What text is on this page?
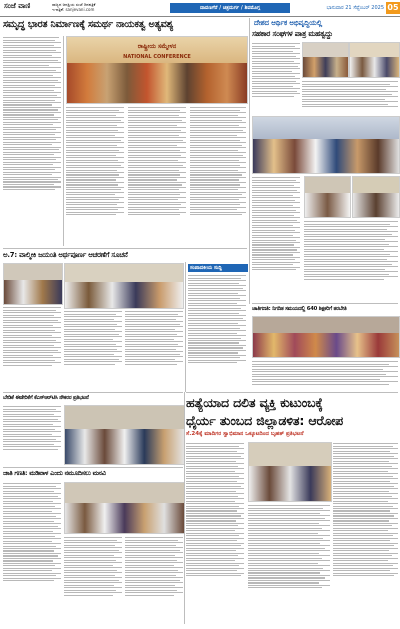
ಸಂಜೆ ವಾಣಿ	ರಾಜ್ಯದ ಜನಪ್ರಿಯ ಸಂಜೆ ದಿನಪತ್ರಿಕೆ
ಇ-ಪತ್ರಿಕೆ: sanjevani.com	ದಾವಣಗೆರೆ / ಚಿತ್ರದುರ್ಗ / ಶಿವಮೊಗ್ಗ	ಭಾನುವಾರ 21 ಸೆಪ್ಟೆಂಬರ್ 2025 05
ಸಮೃದ್ಧ ಭಾರತ ನಿರ್ಮಾಣಕ್ಕೆ ಸಮರ್ಥ ನಾಯಕತ್ವ ಅತ್ಯವಶ್ಯ	ದೇಶದ ಆರ್ಥಿಕ ಅಭಿವೃದ್ಧಿಯಲ್ಲಿ
ಸಹಕಾರ ಸಂಘಗಳ ಪಾತ್ರ ಮಹತ್ವದ್ದು
ರಾಷ್ಟ್ರೀಯ ಸಮ್ಮೇಳನ
NATIONAL CONFERENCE
ಅ.7: ವಾಲ್ಮೀಕಿ ಜಯಂತಿ ಅರ್ಥಪೂರ್ಣ ಆಚರಣೆಗೆ ಸೂಚನೆ
ಜಾತಿಗಣತಿ: ನಿಗದಿತ ಸಮಯದಲ್ಲಿ 640 ಶಿಕ್ಷಕರಿಗೆ ತರಬೇತಿ
ಸಂಪಾದಕೀಯ ಸುದ್ದಿ
ಬೇಡಿಕೆ ಈಡೇರಿಕೆಗೆ ಕೆಎಸ್‌ಆರ್‌ಟಿಸಿ ನೌಕರರ ಪ್ರತಿಭಟನೆ	ಹತ್ಯೆಯಾದ ದಲಿತ ವ್ಯಕ್ತಿ ಕುಟುಂಬಕ್ಕೆ
ಧೈರ್ಯ ತುಂಬದ ಜಿಲ್ಲಾಡಳಿತ: ಆರೋಪ
ಸೆ.24ಕ್ಕೆ ಮಾದಿಗರ ಸ್ವಾಭಿಮಾನ ಒಕ್ಕೂಟದಿಂದ ಬೃಹತ್ ಪ್ರತಿಭಟನೆ
ಜಾತಿ ಗಣತಿ: ಮಡಿವಾಳ ಎಂದು ನಮೂದಿಸಲು ಮನವಿ
